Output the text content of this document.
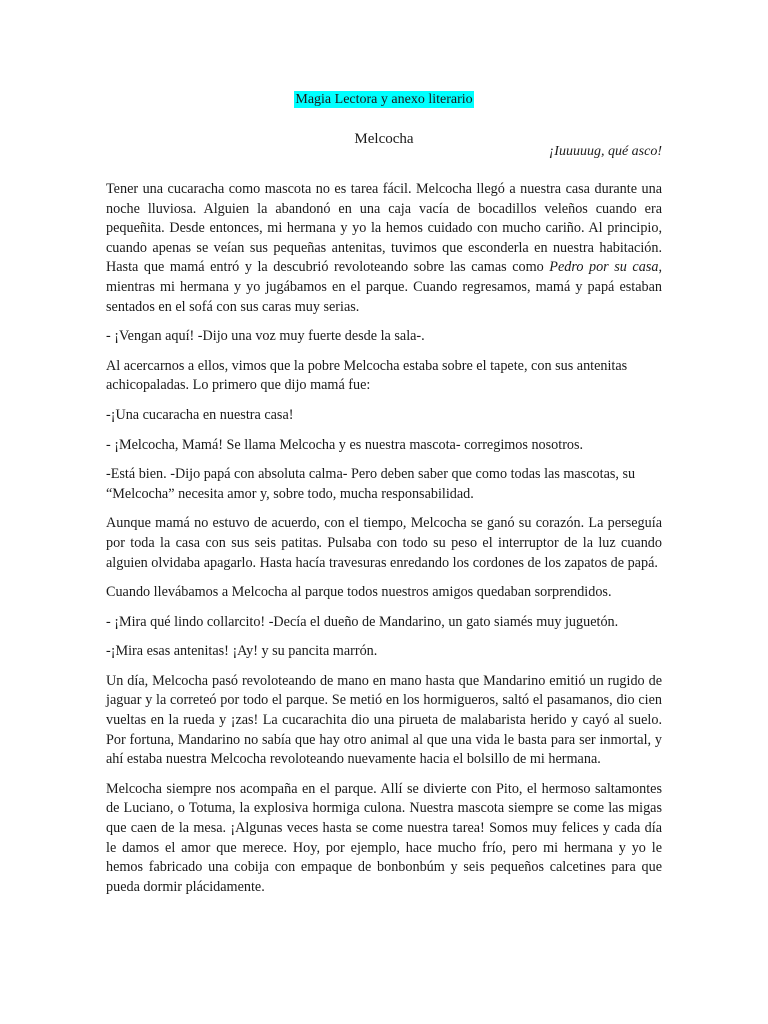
Magia Lectora y anexo literario
Melcocha
¡Iuuuuug, qué asco!

Tener una cucaracha como mascota no es tarea fácil. Melcocha llegó a nuestra casa durante una noche lluviosa. Alguien la abandonó en una caja vacía de bocadillos veleños cuando era pequeñita. Desde entonces, mi hermana y yo la hemos cuidado con mucho cariño. Al principio, cuando apenas se veían sus pequeñas antenitas, tuvimos que esconderla en nuestra habitación. Hasta que mamá entró y la descubrió revoloteando sobre las camas como Pedro por su casa, mientras mi hermana y yo jugábamos en el parque. Cuando regresamos, mamá y papá estaban sentados en el sofá con sus caras muy serias.

- ¡Vengan aquí! -Dijo una voz muy fuerte desde la sala-.

Al acercarnos a ellos, vimos que la pobre Melcocha estaba sobre el tapete, con sus antenitas achicopaladas. Lo primero que dijo mamá fue:

-¡Una cucaracha en nuestra casa!

- ¡Melcocha, Mamá! Se llama Melcocha y es nuestra mascota- corregimos nosotros.

-Está bien. -Dijo papá con absoluta calma- Pero deben saber que como todas las mascotas, su “Melcocha” necesita amor y, sobre todo, mucha responsabilidad.

Aunque mamá no estuvo de acuerdo, con el tiempo, Melcocha se ganó su corazón. La perseguía por toda la casa con sus seis patitas. Pulsaba con todo su peso el interruptor de la luz cuando alguien olvidaba apagarlo. Hasta hacía travesuras enredando los cordones de los zapatos de papá.

Cuando llevábamos a Melcocha al parque todos nuestros amigos quedaban sorprendidos.

- ¡Mira qué lindo collarcito! -Decía el dueño de Mandarino, un gato siamés muy juguetón.

-¡Mira esas antenitas! ¡Ay! y su pancita marrón.

Un día, Melcocha pasó revoloteando de mano en mano hasta que Mandarino emitió un rugido de jaguar y la correteó por todo el parque. Se metió en los hormigueros, saltó el pasamanos, dio cien vueltas en la rueda y ¡zas! La cucarachita dio una pirueta de malabarista herido y cayó al suelo. Por fortuna, Mandarino no sabía que hay otro animal al que una vida le basta para ser inmortal, y ahí estaba nuestra Melcocha revoloteando nuevamente hacia el bolsillo de mi hermana.

Melcocha siempre nos acompaña en el parque. Allí se divierte con Pito, el hermoso saltamontes de Luciano, o Totuma, la explosiva hormiga culona. Nuestra mascota siempre se come las migas que caen de la mesa. ¡Algunas veces hasta se come nuestra tarea! Somos muy felices y cada día le damos el amor que merece. Hoy, por ejemplo, hace mucho frío, pero mi hermana y yo le hemos fabricado una cobija con empaque de bonbonbúm y seis pequeños calcetines para que pueda dormir plácidamente.
